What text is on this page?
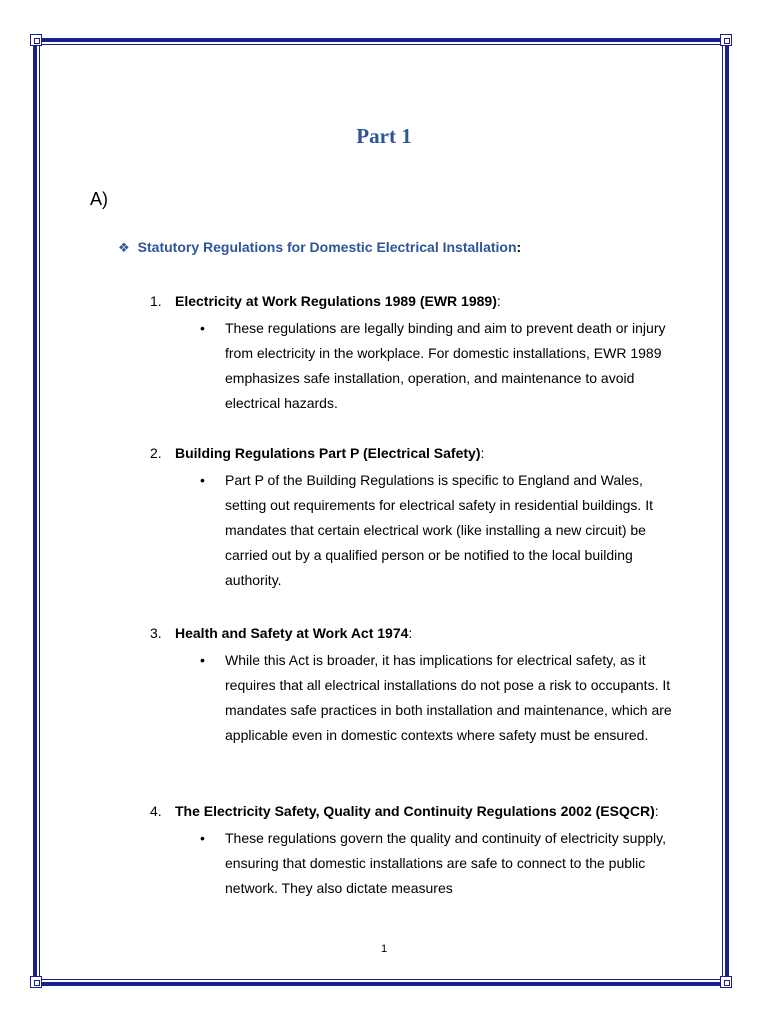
Part 1
A)
❖ Statutory Regulations for Domestic Electrical Installation:
1. Electricity at Work Regulations 1989 (EWR 1989):
• These regulations are legally binding and aim to prevent death or injury from electricity in the workplace. For domestic installations, EWR 1989 emphasizes safe installation, operation, and maintenance to avoid electrical hazards.
2. Building Regulations Part P (Electrical Safety):
• Part P of the Building Regulations is specific to England and Wales, setting out requirements for electrical safety in residential buildings. It mandates that certain electrical work (like installing a new circuit) be carried out by a qualified person or be notified to the local building authority.
3. Health and Safety at Work Act 1974:
• While this Act is broader, it has implications for electrical safety, as it requires that all electrical installations do not pose a risk to occupants. It mandates safe practices in both installation and maintenance, which are applicable even in domestic contexts where safety must be ensured.
4. The Electricity Safety, Quality and Continuity Regulations 2002 (ESQCR):
• These regulations govern the quality and continuity of electricity supply, ensuring that domestic installations are safe to connect to the public network. They also dictate measures
1
